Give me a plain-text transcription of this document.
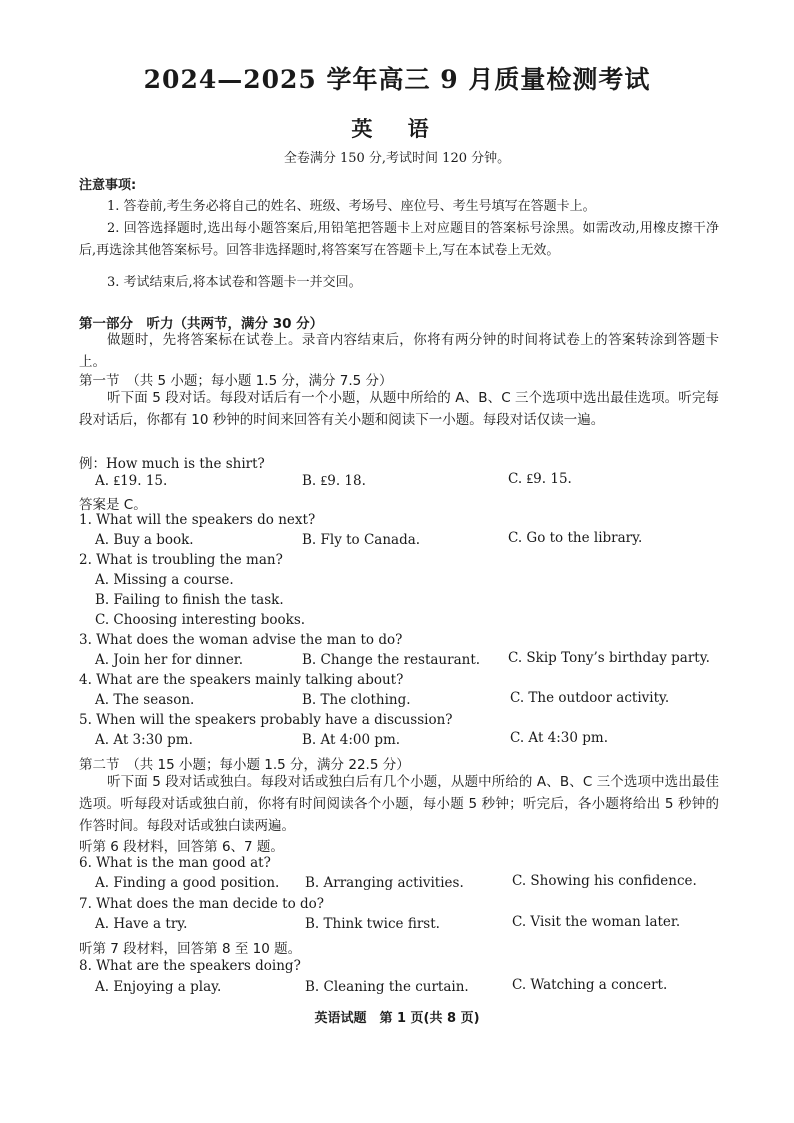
2024—2025 学年高三 9 月质量检测考试
英 语
全卷满分 150 分,考试时间 120 分钟。
注意事项:
1. 答卷前,考生务必将自己的姓名、班级、考场号、座位号、考生号填写在答题卡上。
2. 回答选择题时,选出每小题答案后,用铅笔把答题卡上对应题目的答案标号涂黑。如需改动,用橡皮擦干净后,再选涂其他答案标号。回答非选择题时,将答案写在答题卡上,写在本试卷上无效。
3. 考试结束后,将本试卷和答题卡一并交回。
第一部分　听力（共两节，满分 30 分）
做题时，先将答案标在试卷上。录音内容结束后，你将有两分钟的时间将试卷上的答案转涂到答题卡上。
第一节　（共 5 小题；每小题 1.5 分，满分 7.5 分）
听下面 5 段对话。每段对话后有一个小题，从题中所给的 A、B、C 三个选项中选出最佳选项。听完每段对话后，你都有 10 秒钟的时间来回答有关小题和阅读下一小题。每段对话仅读一遍。
例：How much is the shirt?
A. ₤19. 15.	B. ₤9. 18.	C. ₤9. 15.
答案是 C。
1. What will the speakers do next?
A. Buy a book.	B. Fly to Canada.	C. Go to the library.
2. What is troubling the man?
A. Missing a course.
B. Failing to finish the task.
C. Choosing interesting books.
3. What does the woman advise the man to do?
A. Join her for dinner.	B. Change the restaurant. C. Skip Tony’s birthday party.
4. What are the speakers mainly talking about?
A. The season.	B. The clothing.	C. The outdoor activity.
5. When will the speakers probably have a discussion?
A. At 3:30 pm.	B. At 4:00 pm.	C. At 4:30 pm.
第二节　（共 15 小题；每小题 1.5 分，满分 22.5 分）
听下面 5 段对话或独白。每段对话或独白后有几个小题，从题中所给的 A、B、C 三个选项中选出最佳选项。听每段对话或独白前，你将有时间阅读各个小题，每小题 5 秒钟；听完后，各小题将给出 5 秒钟的作答时间。每段对话或独白读两遍。
听第 6 段材料，回答第 6、7 题。
6. What is the man good at?
A. Finding a good position. B. Arranging activities.	C. Showing his confidence.
7. What does the man decide to do?
A. Have a try.	B. Think twice first.	C. Visit the woman later.
听第 7 段材料，回答第 8 至 10 题。
8. What are the speakers doing?
A. Enjoying a play.	B. Cleaning the curtain.	C. Watching a concert.
英语试题　第 1 页(共 8 页)
